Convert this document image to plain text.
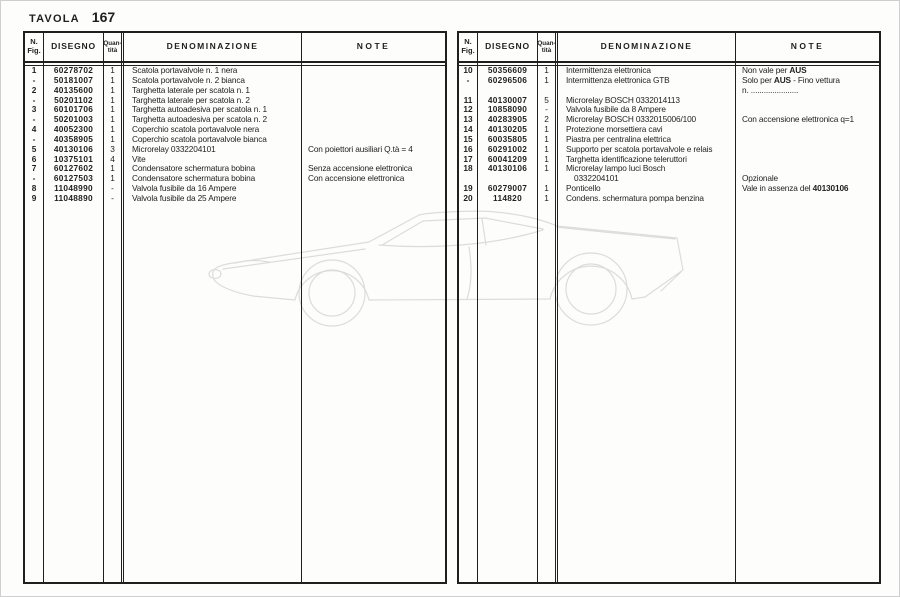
TAVOLA 167
N.
Fig.	DISEGNO	Quan-
tità	DENOMINAZIONE	NOTE
1	60278702	1	Scatola portavalvole n. 1 nera
-	50181007	1	Scatola portavalvole n. 2 bianca
2	40135600	1	Targhetta laterale per scatola n. 1
-	50201102	1	Targhetta laterale per scatola n. 2
3	60101706	1	Targhetta autoadesiva per scatola n. 1
-	50201003	1	Targhetta autoadesiva per scatola n. 2
4	40052300	1	Coperchio scatola portavalvole nera
-	40358905	1	Coperchio scatola portavalvole bianca
5	40130106	3	Microrelay 0332204101	Con poiettori ausiliari Q.tà = 4
6	10375101	4	Vite
7	60127602	1	Condensatore schermatura bobina	Senza accensione elettronica
-	60127503	1	Condensatore schermatura bobina	Con accensione elettronica
8	11048990	-	Valvola fusibile da 16 Ampere
9	11048890	-	Valvola fusibile da 25 Ampere
N.
Fig.	DISEGNO	Quan-
tità	DENOMINAZIONE	NOTE
10	50356609	1	Intermittenza elettronica	Non vale per AUS
-	60296506	1	Intermittenza elettronica GTB	Solo per AUS - Fino vettura
n. ......................
11	40130007	5	Microrelay BOSCH 0332014113
12	10858090	-	Valvola fusibile da 8 Ampere
13	40283905	2	Microrelay BOSCH 0332015006/100	Con accensione elettronica q=1
14	40130205	1	Protezione morsettiera cavi
15	60035805	1	Piastra per centralina elettrica
16	60291002	1	Supporto per scatola portavalvole e relais
17	60041209	1	Targhetta identificazione teleruttori
18	40130106	1	Microrelay lampo luci Bosch
0332204101	Opzionale
19	60279007	1	Ponticello	Vale in assenza del 40130106
20	114820	1	Condens. schermatura pompa benzina
